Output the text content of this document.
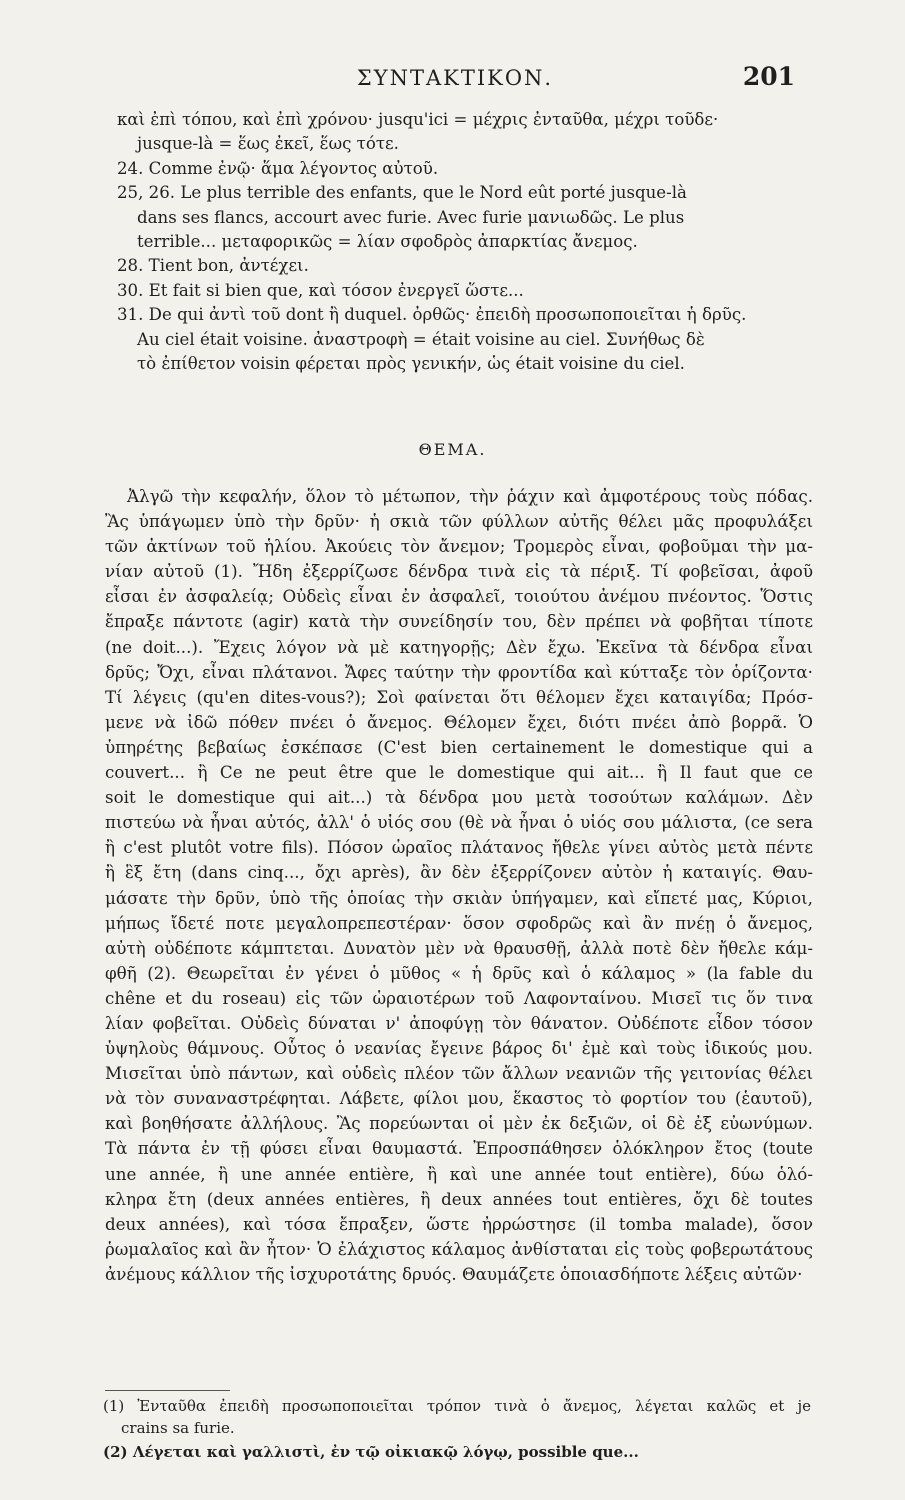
ΣΥΝΤΑΚΤΙΚΟΝ.	201
καὶ ἐπὶ τόπου, καὶ ἐπὶ χρόνου· jusqu'ici = μέχρις ἐνταῦθα, μέχρι τοῦδε·
jusque-là = ἕως ἐκεῖ, ἕως τότε.
24. Comme ἐνῷ· ἅμα λέγοντος αὐτοῦ.
25, 26. Le plus terrible des enfants, que le Nord eût porté jusque-là
dans ses flancs, accourt avec furie. Avec furie μανιωδῶς. Le plus
terrible... μεταφορικῶς = λίαν σφοδρὸς ἀπαρκτίας ἄνεμος.
28. Tient bon, ἀντέχει.
30. Et fait si bien que, καὶ τόσον ἐνεργεῖ ὥστε...
31. De qui ἀντὶ τοῦ dont ἢ duquel. ὀρθῶς· ἐπειδὴ προσωποποιεῖται ἡ δρῦς.
Au ciel était voisine. ἀναστροφὴ = était voisine au ciel. Συνήθως δὲ
τὸ ἐπίθετον voisin φέρεται πρὸς γενικήν, ὡς était voisine du ciel.
ΘΕΜΑ.
Ἀλγῶ τὴν κεφαλήν, ὅλον τὸ μέτωπον, τὴν ῥάχιν καὶ ἀμφοτέρους τοὺς πόδας.
Ἂς ὑπάγωμεν ὑπὸ τὴν δρῦν· ἡ σκιὰ τῶν φύλλων αὐτῆς θέλει μᾶς προφυλάξει
τῶν ἀκτίνων τοῦ ἡλίου. Ἀκούεις τὸν ἄνεμον; Τρομερὸς εἶναι, φοβοῦμαι τὴν μα-
νίαν αὐτοῦ (1). Ἤδη ἐξερρίζωσε δένδρα τινὰ εἰς τὰ πέριξ. Τί φοβεῖσαι, ἀφοῦ
εἶσαι ἐν ἀσφαλείᾳ; Οὐδεὶς εἶναι ἐν ἀσφαλεῖ, τοιούτου ἀνέμου πνέοντος. Ὅστις
ἔπραξε πάντοτε (agir) κατὰ τὴν συνείδησίν του, δὲν πρέπει νὰ φοβῆται τίποτε
(ne doit...). Ἔχεις λόγον νὰ μὲ κατηγορῇς; Δὲν ἔχω. Ἐκεῖνα τὰ δένδρα εἶναι
δρῦς; Ὄχι, εἶναι πλάτανοι. Ἄφες ταύτην τὴν φροντίδα καὶ κύτταξε τὸν ὁρίζοντα·
Τί λέγεις (qu'en dites-vous?); Σοὶ φαίνεται ὅτι θέλομεν ἔχει καταιγίδα; Πρόσ-
μενε νὰ ἰδῶ πόθεν πνέει ὁ ἄνεμος. Θέλομεν ἔχει, διότι πνέει ἀπὸ βορρᾶ. Ὁ
ὑπηρέτης βεβαίως ἐσκέπασε (C'est bien certainement le domestique qui a
couvert... ἢ Ce ne peut être que le domestique qui ait... ἢ Il faut que ce
soit le domestique qui ait...) τὰ δένδρα μου μετὰ τοσούτων καλάμων. Δὲν
πιστεύω νὰ ἦναι αὐτός, ἀλλ' ὁ υἱός σου (θὲ νὰ ἦναι ὁ υἱός σου μάλιστα, (ce sera
ἢ c'est plutôt votre fils). Πόσον ὡραῖος πλάτανος ἤθελε γίνει αὐτὸς μετὰ πέντε
ἢ ἓξ ἔτη (dans cinq..., ὄχι après), ἂν δὲν ἐξερρίζονεν αὐτὸν ἡ καταιγίς. Θαυ-
μάσατε τὴν δρῦν, ὑπὸ τῆς ὁποίας τὴν σκιὰν ὑπήγαμεν, καὶ εἴπετέ μας, Κύριοι,
μήπως ἴδετέ ποτε μεγαλοπρεπεστέραν· ὅσον σφοδρῶς καὶ ἂν πνέῃ ὁ ἄνεμος,
αὐτὴ οὐδέποτε κάμπτεται. Δυνατὸν μὲν νὰ θραυσθῇ, ἀλλὰ ποτὲ δὲν ἤθελε κάμ-
φθῆ (2). Θεωρεῖται ἐν γένει ὁ μῦθος « ἡ δρῦς καὶ ὁ κάλαμος » (la fable du
chêne et du roseau) εἰς τῶν ὡραιοτέρων τοῦ Λαφονταίνου. Μισεῖ τις ὅν τινα
λίαν φοβεῖται. Οὐδεὶς δύναται ν' ἀποφύγῃ τὸν θάνατον. Οὐδέποτε εἶδον τόσον
ὑψηλοὺς θάμνους. Οὗτος ὁ νεανίας ἔγεινε βάρος δι' ἐμὲ καὶ τοὺς ἰδικούς μου.
Μισεῖται ὑπὸ πάντων, καὶ οὐδεὶς πλέον τῶν ἄλλων νεανιῶν τῆς γειτονίας θέλει
νὰ τὸν συναναστρέφηται. Λάβετε, φίλοι μου, ἕκαστος τὸ φορτίον του (ἑαυτοῦ),
καὶ βοηθήσατε ἀλλήλους. Ἂς πορεύωνται οἱ μὲν ἐκ δεξιῶν, οἱ δὲ ἐξ εὐωνύμων.
Τὰ πάντα ἐν τῇ φύσει εἶναι θαυμαστά. Ἐπροσπάθησεν ὁλόκληρον ἔτος (toute
une année, ἢ une année entière, ἢ καὶ une année tout entière), δύω ὁλό-
κληρα ἔτη (deux années entières, ἢ deux années tout entières, ὄχι δὲ toutes
deux années), καὶ τόσα ἔπραξεν, ὥστε ἠρρώστησε (il tomba malade), ὅσον
ῥωμαλαῖος καὶ ἂν ἦτον· Ὁ ἐλάχιστος κάλαμος ἀνθίσταται εἰς τοὺς φοβερωτάτους
ἀνέμους κάλλιον τῆς ἰσχυροτάτης δρυός. Θαυμάζετε ὁποιασδήποτε λέξεις αὐτῶν·
(1) Ἐνταῦθα ἐπειδὴ προσωποποιεῖται τρόπον τινὰ ὁ ἄνεμος, λέγεται καλῶς et je
crains sa furie.
(2) Λέγεται καὶ γαλλιστὶ, ἐν τῷ οἰκιακῷ λόγῳ, possible que...
